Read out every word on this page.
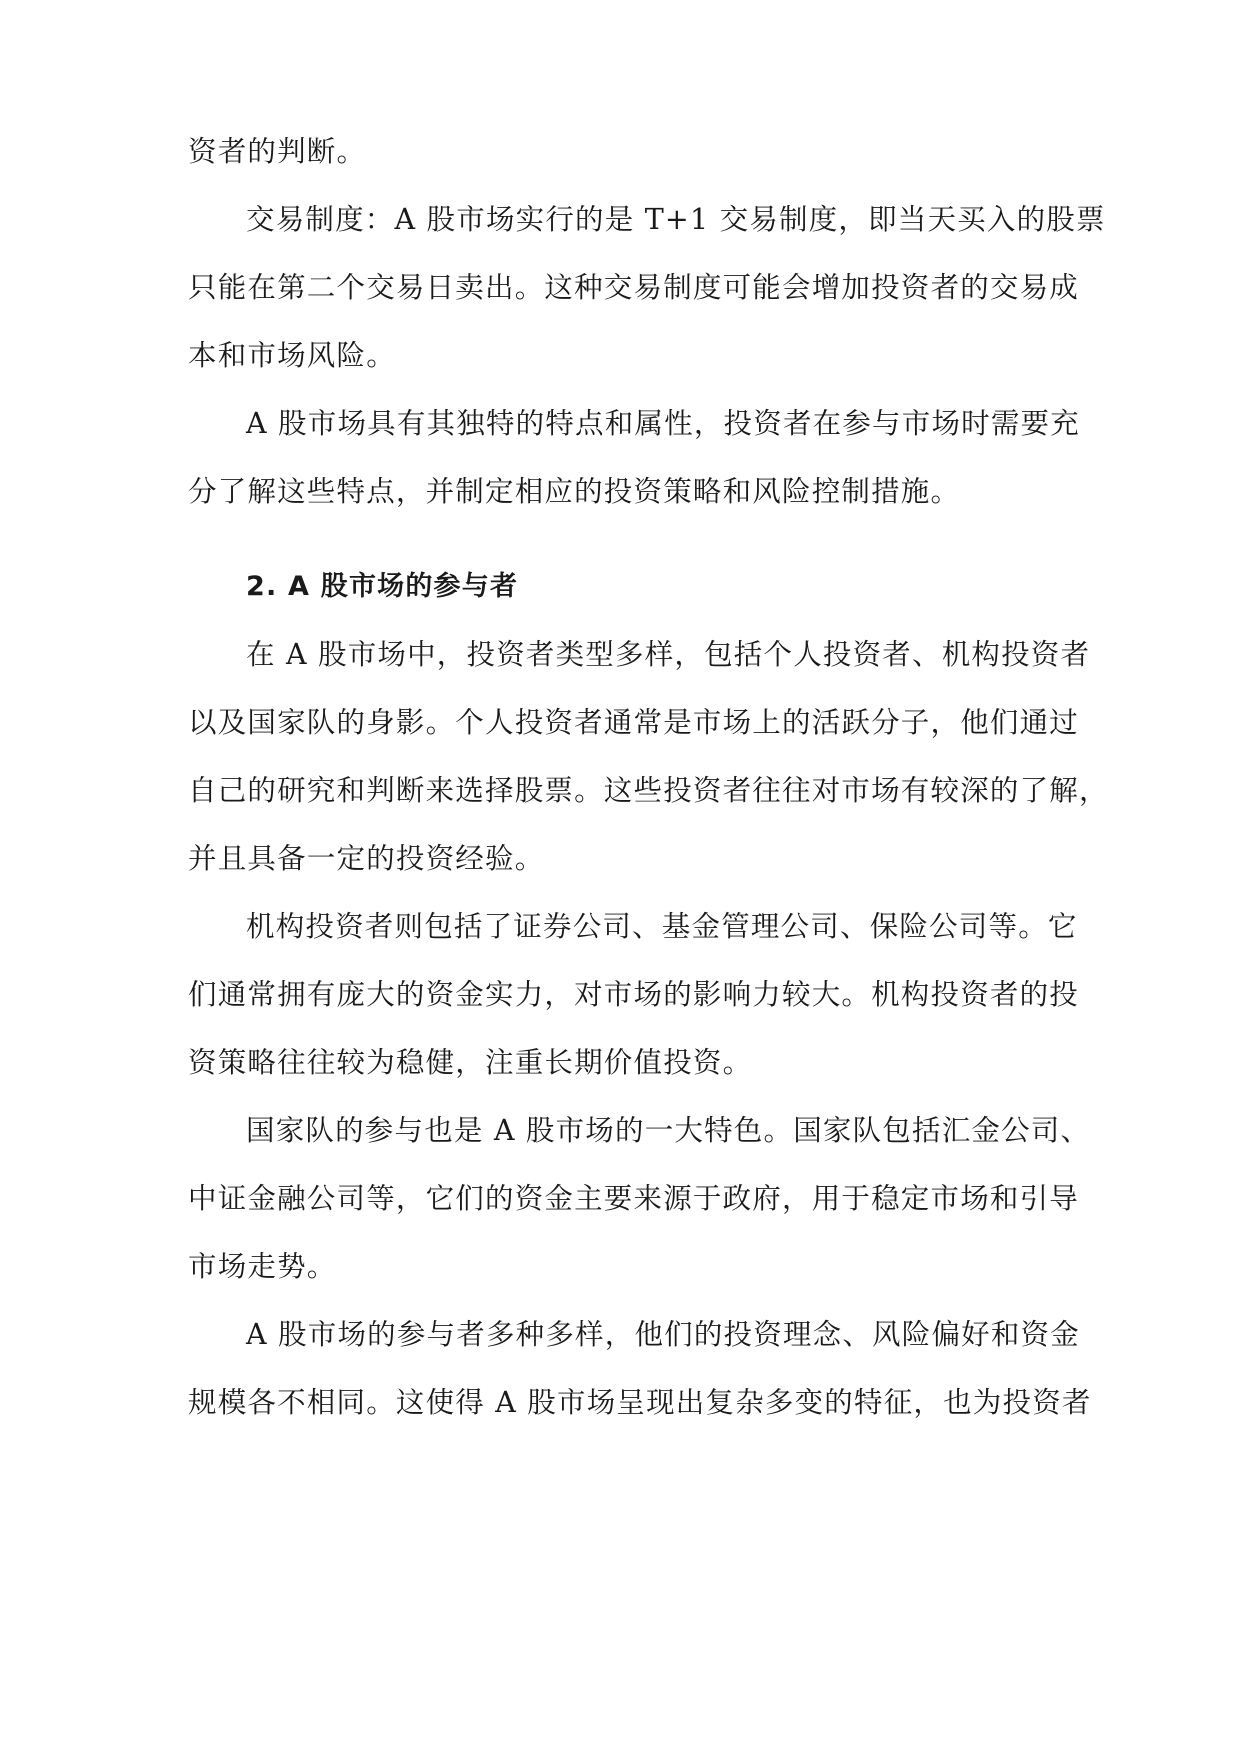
资者的判断。
交易制度：A 股市场实行的是 T+1 交易制度，即当天买入的股票
只能在第二个交易日卖出。这种交易制度可能会增加投资者的交易成
本和市场风险。
A 股市场具有其独特的特点和属性，投资者在参与市场时需要充
分了解这些特点，并制定相应的投资策略和风险控制措施。
2. A 股市场的参与者
在 A 股市场中，投资者类型多样，包括个人投资者、机构投资者
以及国家队的身影。个人投资者通常是市场上的活跃分子，他们通过
自己的研究和判断来选择股票。这些投资者往往对市场有较深的了解，
并且具备一定的投资经验。
机构投资者则包括了证券公司、基金管理公司、保险公司等。它
们通常拥有庞大的资金实力，对市场的影响力较大。机构投资者的投
资策略往往较为稳健，注重长期价值投资。
国家队的参与也是 A 股市场的一大特色。国家队包括汇金公司、
中证金融公司等，它们的资金主要来源于政府，用于稳定市场和引导
市场走势。
A 股市场的参与者多种多样，他们的投资理念、风险偏好和资金
规模各不相同。这使得 A 股市场呈现出复杂多变的特征，也为投资者
